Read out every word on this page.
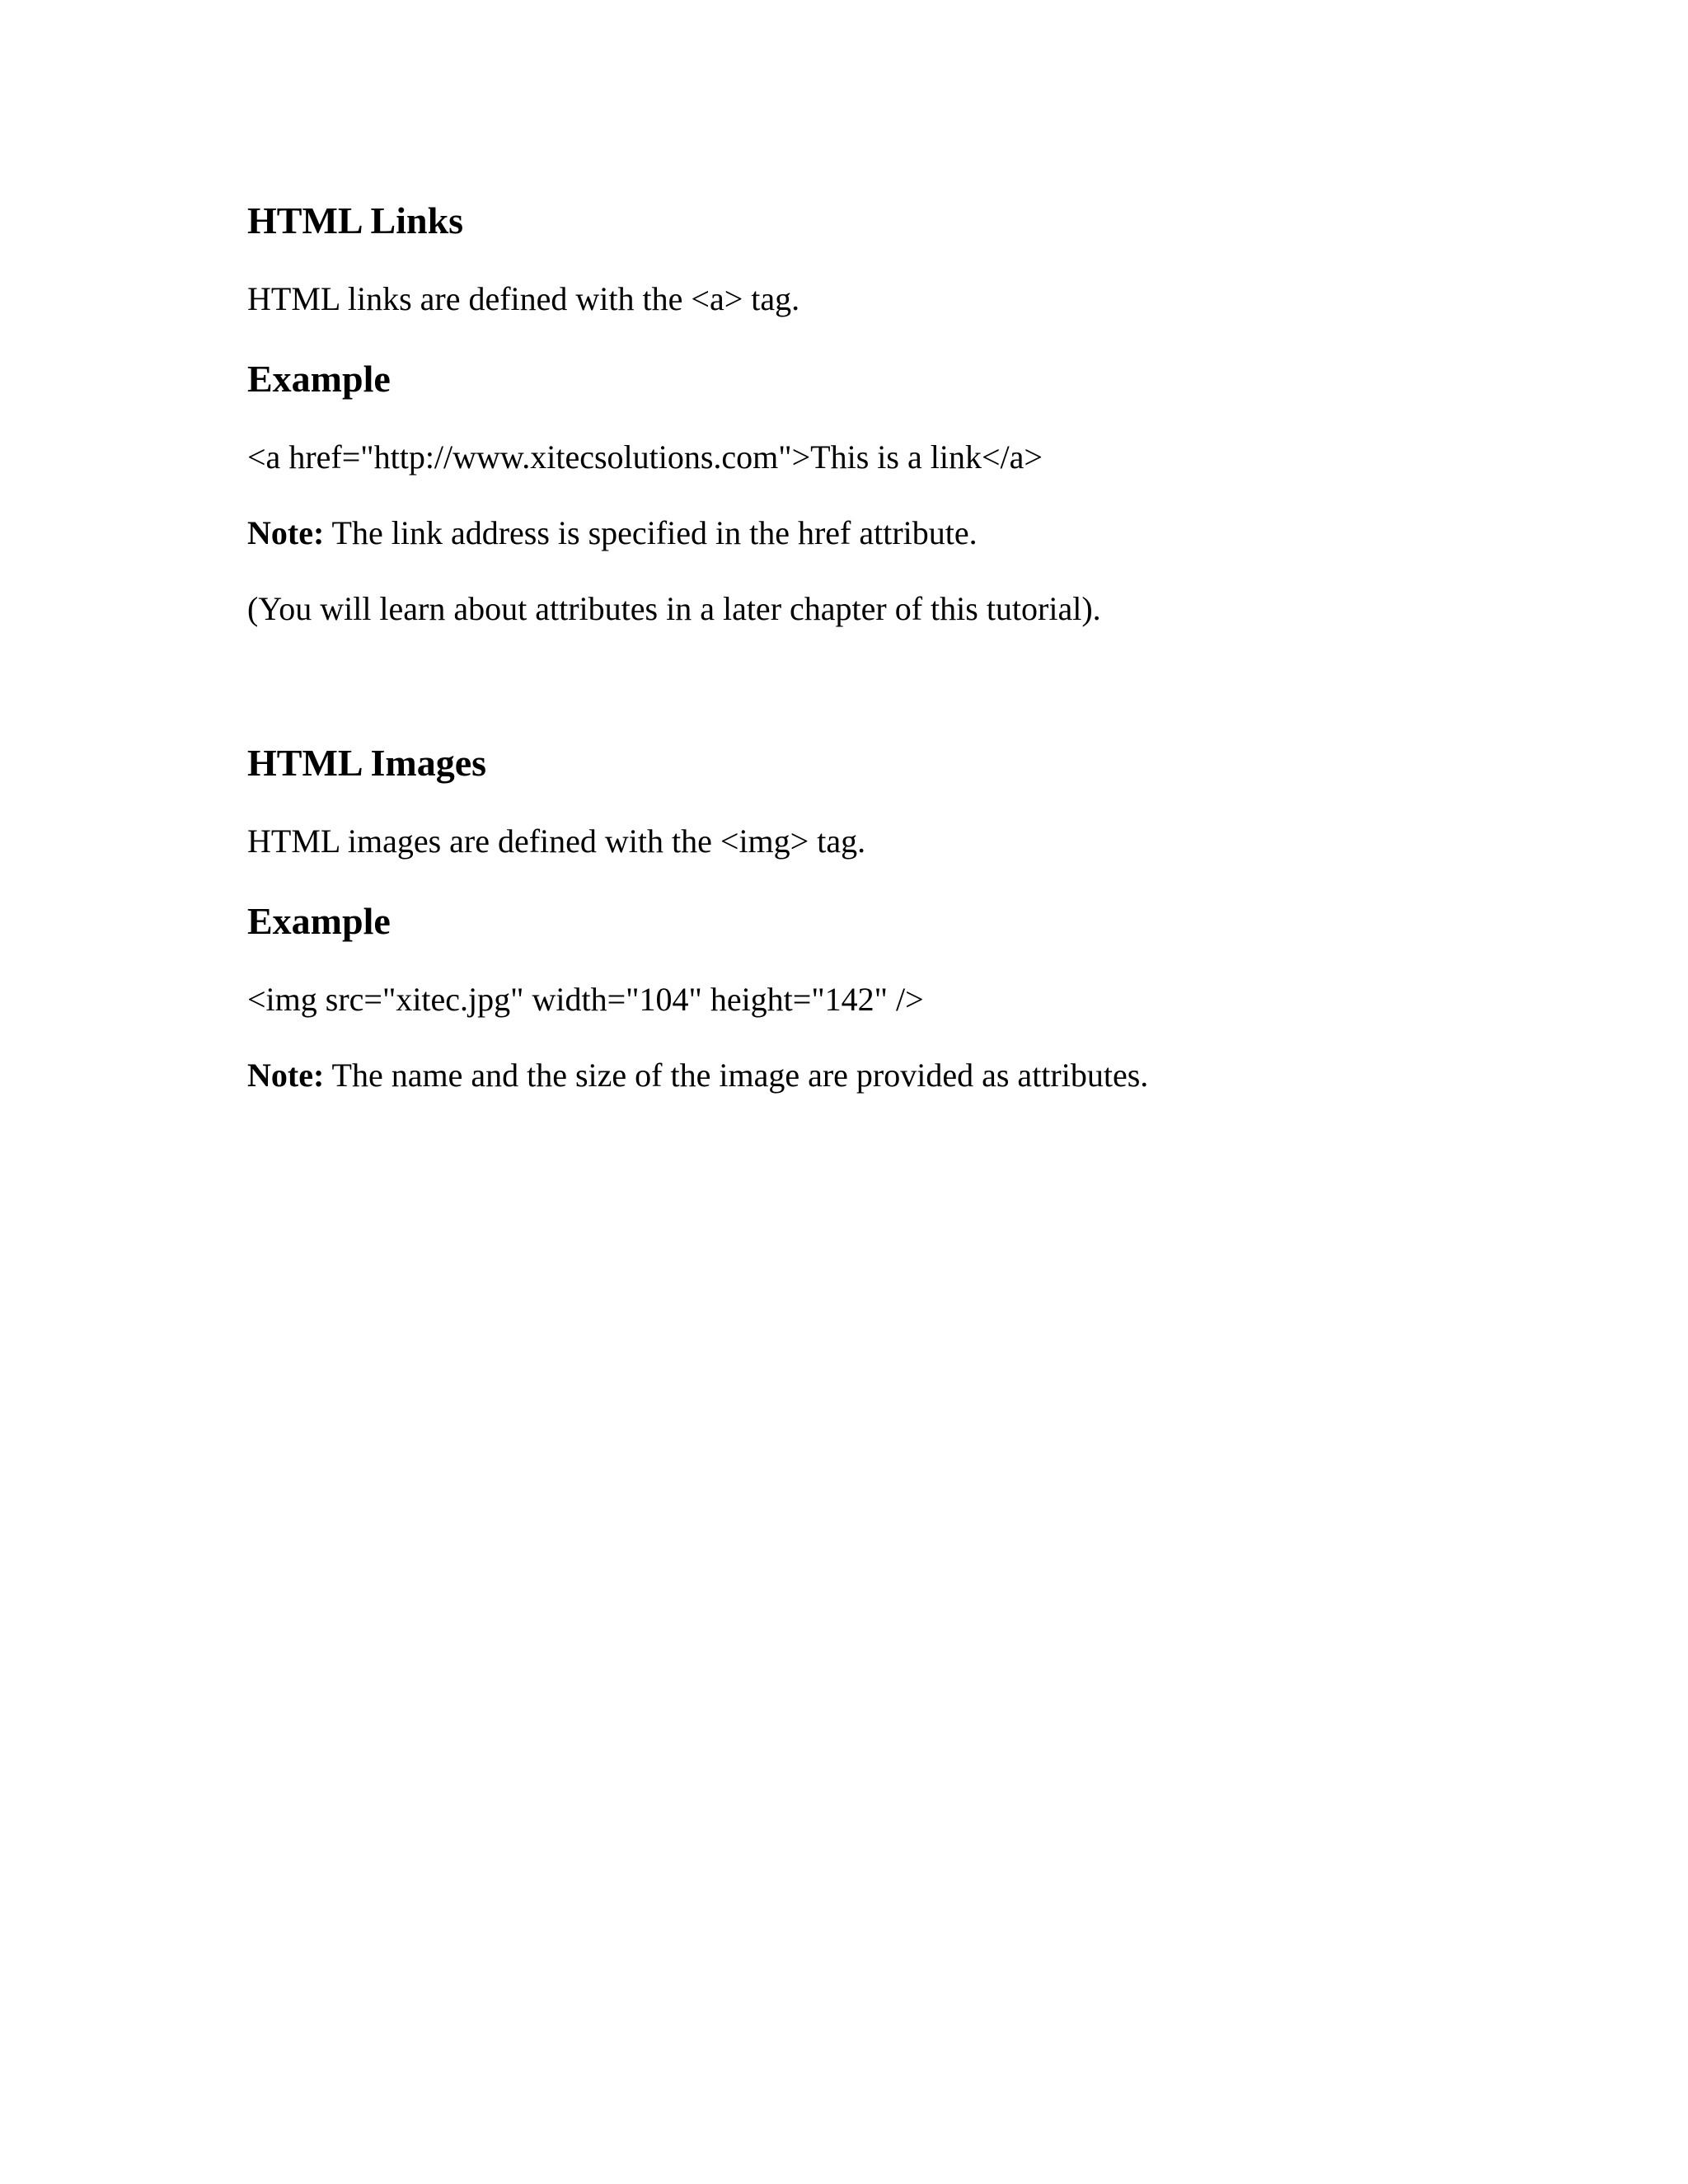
HTML Links

HTML links are defined with the <a> tag.

Example

<a href="http://www.xitecsolutions.com">This is a link</a>

Note: The link address is specified in the href attribute.

(You will learn about attributes in a later chapter of this tutorial).

HTML Images

HTML images are defined with the <img> tag.

Example

<img src="xitec.jpg" width="104" height="142" />

Note: The name and the size of the image are provided as attributes.
